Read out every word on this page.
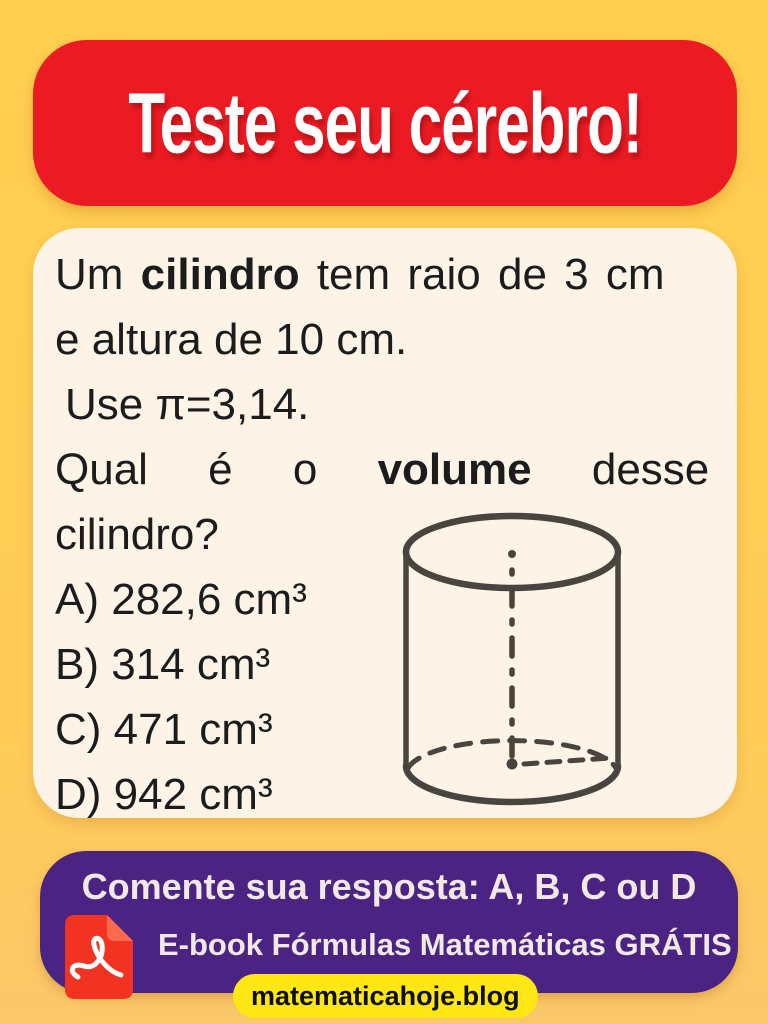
Teste seu cérebro!
Um cilindro tem raio de 3 cm
e altura de 10 cm.
Use π=3,14.
Qual é o volume desse
cilindro?
A) 282,6 cm³
B) 314 cm³
C) 471 cm³
D) 942 cm³
Comente sua resposta: A, B, C ou D
E-book Fórmulas Matemáticas GRÁTIS
matematicahoje.blog
